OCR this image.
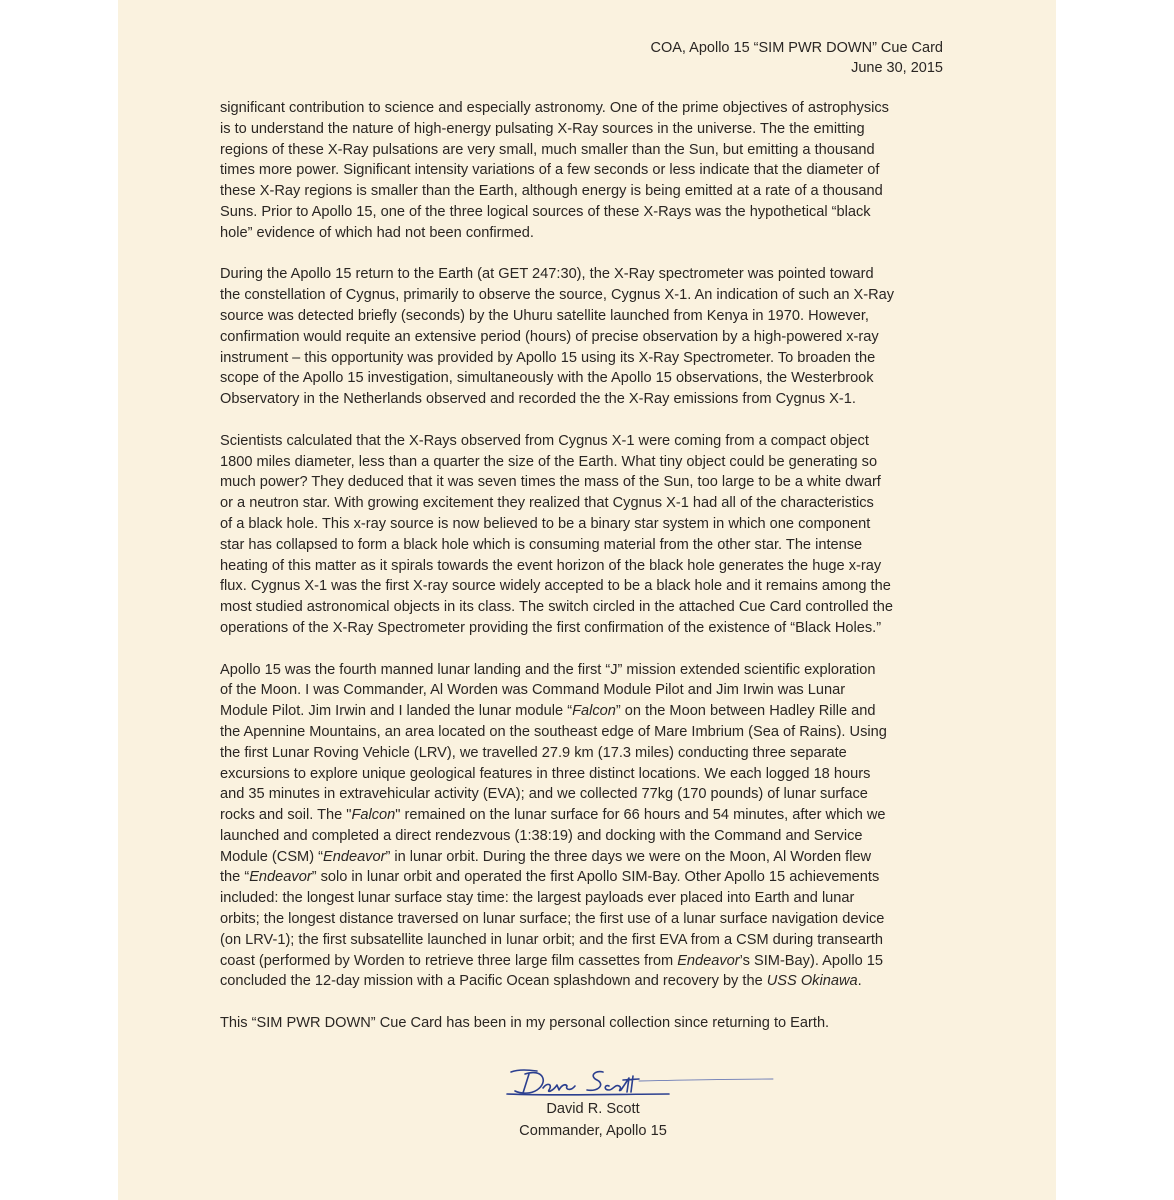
COA, Apollo 15 “SIM PWR DOWN” Cue Card
June 30, 2015

significant contribution to science and especially astronomy. One of the prime objectives of astrophysics
is to understand the nature of high-energy pulsating X-Ray sources in the universe. The the emitting
regions of these X-Ray pulsations are very small, much smaller than the Sun, but emitting a thousand
times more power. Significant intensity variations of a few seconds or less indicate that the diameter of
these X-Ray regions is smaller than the Earth, although energy is being emitted at a rate of a thousand
Suns. Prior to Apollo 15, one of the three logical sources of these X-Rays was the hypothetical “black
hole” evidence of which had not been confirmed.

During the Apollo 15 return to the Earth (at GET 247:30), the X-Ray spectrometer was pointed toward
the constellation of Cygnus, primarily to observe the source, Cygnus X-1. An indication of such an X-Ray
source was detected briefly (seconds) by the Uhuru satellite launched from Kenya in 1970. However,
confirmation would requite an extensive period (hours) of precise observation by a high-powered x-ray
instrument – this opportunity was provided by Apollo 15 using its X-Ray Spectrometer. To broaden the
scope of the Apollo 15 investigation, simultaneously with the Apollo 15 observations, the Westerbrook
Observatory in the Netherlands observed and recorded the the X-Ray emissions from Cygnus X-1.

Scientists calculated that the X-Rays observed from Cygnus X-1 were coming from a compact object
1800 miles diameter, less than a quarter the size of the Earth. What tiny object could be generating so
much power? They deduced that it was seven times the mass of the Sun, too large to be a white dwarf
or a neutron star. With growing excitement they realized that Cygnus X-1 had all of the characteristics
of a black hole. This x-ray source is now believed to be a binary star system in which one component
star has collapsed to form a black hole which is consuming material from the other star. The intense
heating of this matter as it spirals towards the event horizon of the black hole generates the huge x-ray
flux. Cygnus X-1 was the first X-ray source widely accepted to be a black hole and it remains among the
most studied astronomical objects in its class. The switch circled in the attached Cue Card controlled the
operations of the X-Ray Spectrometer providing the first confirmation of the existence of “Black Holes.”

Apollo 15 was the fourth manned lunar landing and the first “J” mission extended scientific exploration
of the Moon. I was Commander, Al Worden was Command Module Pilot and Jim Irwin was Lunar
Module Pilot. Jim Irwin and I landed the lunar module “Falcon” on the Moon between Hadley Rille and
the Apennine Mountains, an area located on the southeast edge of Mare Imbrium (Sea of Rains). Using
the first Lunar Roving Vehicle (LRV), we travelled 27.9 km (17.3 miles) conducting three separate
excursions to explore unique geological features in three distinct locations. We each logged 18 hours
and 35 minutes in extravehicular activity (EVA); and we collected 77kg (170 pounds) of lunar surface
rocks and soil. The "Falcon" remained on the lunar surface for 66 hours and 54 minutes, after which we
launched and completed a direct rendezvous (1:38:19) and docking with the Command and Service
Module (CSM) “Endeavor” in lunar orbit. During the three days we were on the Moon, Al Worden flew
the “Endeavor” solo in lunar orbit and operated the first Apollo SIM-Bay. Other Apollo 15 achievements
included: the longest lunar surface stay time: the largest payloads ever placed into Earth and lunar
orbits; the longest distance traversed on lunar surface; the first use of a lunar surface navigation device
(on LRV-1); the first subsatellite launched in lunar orbit; and the first EVA from a CSM during transearth
coast (performed by Worden to retrieve three large film cassettes from Endeavor’s SIM-Bay). Apollo 15
concluded the 12-day mission with a Pacific Ocean splashdown and recovery by the USS Okinawa.

This “SIM PWR DOWN” Cue Card has been in my personal collection since returning to Earth.

David R. Scott
Commander, Apollo 15
